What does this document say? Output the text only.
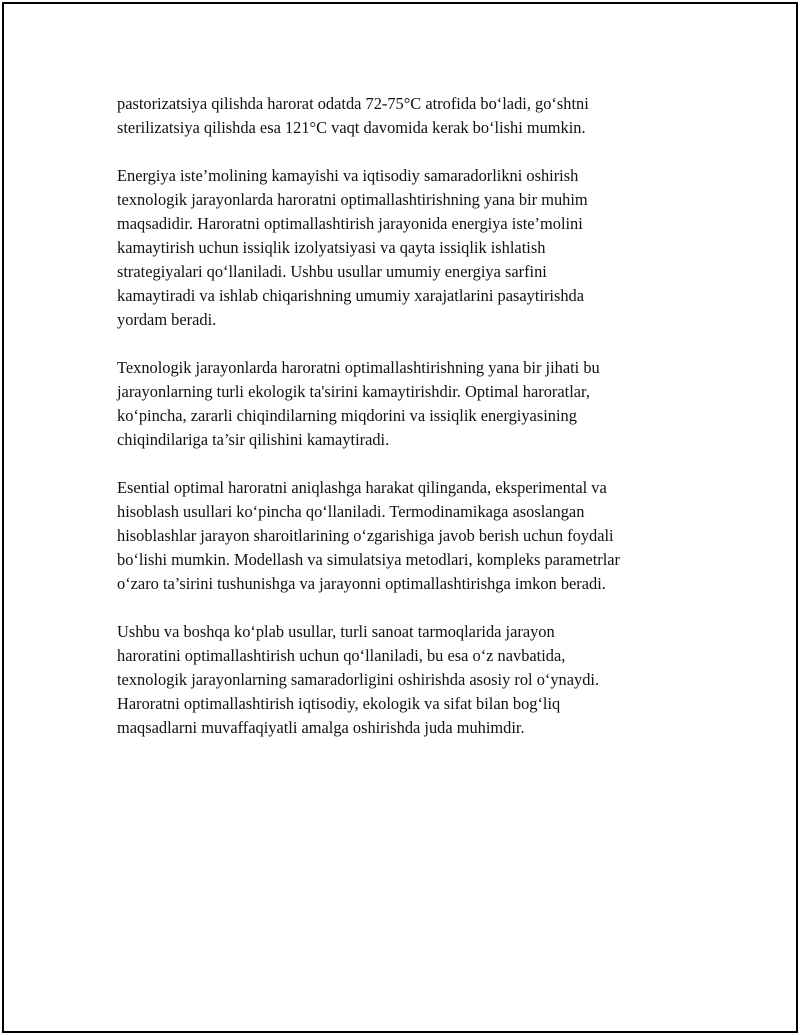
pastorizatsiya qilishda harorat odatda 72-75°C atrofida bo‘ladi, go‘shtni
sterilizatsiya qilishda esa 121°C vaqt davomida kerak bo‘lishi mumkin.

Energiya iste’molining kamayishi va iqtisodiy samaradorlikni oshirish
texnologik jarayonlarda haroratni optimallashtirishning yana bir muhim
maqsadidir. Haroratni optimallashtirish jarayonida energiya iste’molini
kamaytirish uchun issiqlik izolyatsiyasi va qayta issiqlik ishlatish
strategiyalari qo‘llaniladi. Ushbu usullar umumiy energiya sarfini
kamaytiradi va ishlab chiqarishning umumiy xarajatlarini pasaytirishda
yordam beradi.

Texnologik jarayonlarda haroratni optimallashtirishning yana bir jihati bu
jarayonlarning turli ekologik ta'sirini kamaytirishdir. Optimal haroratlar,
ko‘pincha, zararli chiqindilarning miqdorini va issiqlik energiyasining
chiqindilariga ta’sir qilishini kamaytiradi.

Esential optimal haroratni aniqlashga harakat qilinganda, eksperimental va
hisoblash usullari ko‘pincha qo‘llaniladi. Termodinamikaga asoslangan
hisoblashlar jarayon sharoitlarining o‘zgarishiga javob berish uchun foydali
bo‘lishi mumkin. Modellash va simulatsiya metodlari, kompleks parametrlar
o‘zaro ta’sirini tushunishga va jarayonni optimallashtirishga imkon beradi.

Ushbu va boshqa ko‘plab usullar, turli sanoat tarmoqlarida jarayon
haroratini optimallashtirish uchun qo‘llaniladi, bu esa o‘z navbatida,
texnologik jarayonlarning samaradorligini oshirishda asosiy rol o‘ynaydi.
Haroratni optimallashtirish iqtisodiy, ekologik va sifat bilan bog‘liq
maqsadlarni muvaffaqiyatli amalga oshirishda juda muhimdir.
